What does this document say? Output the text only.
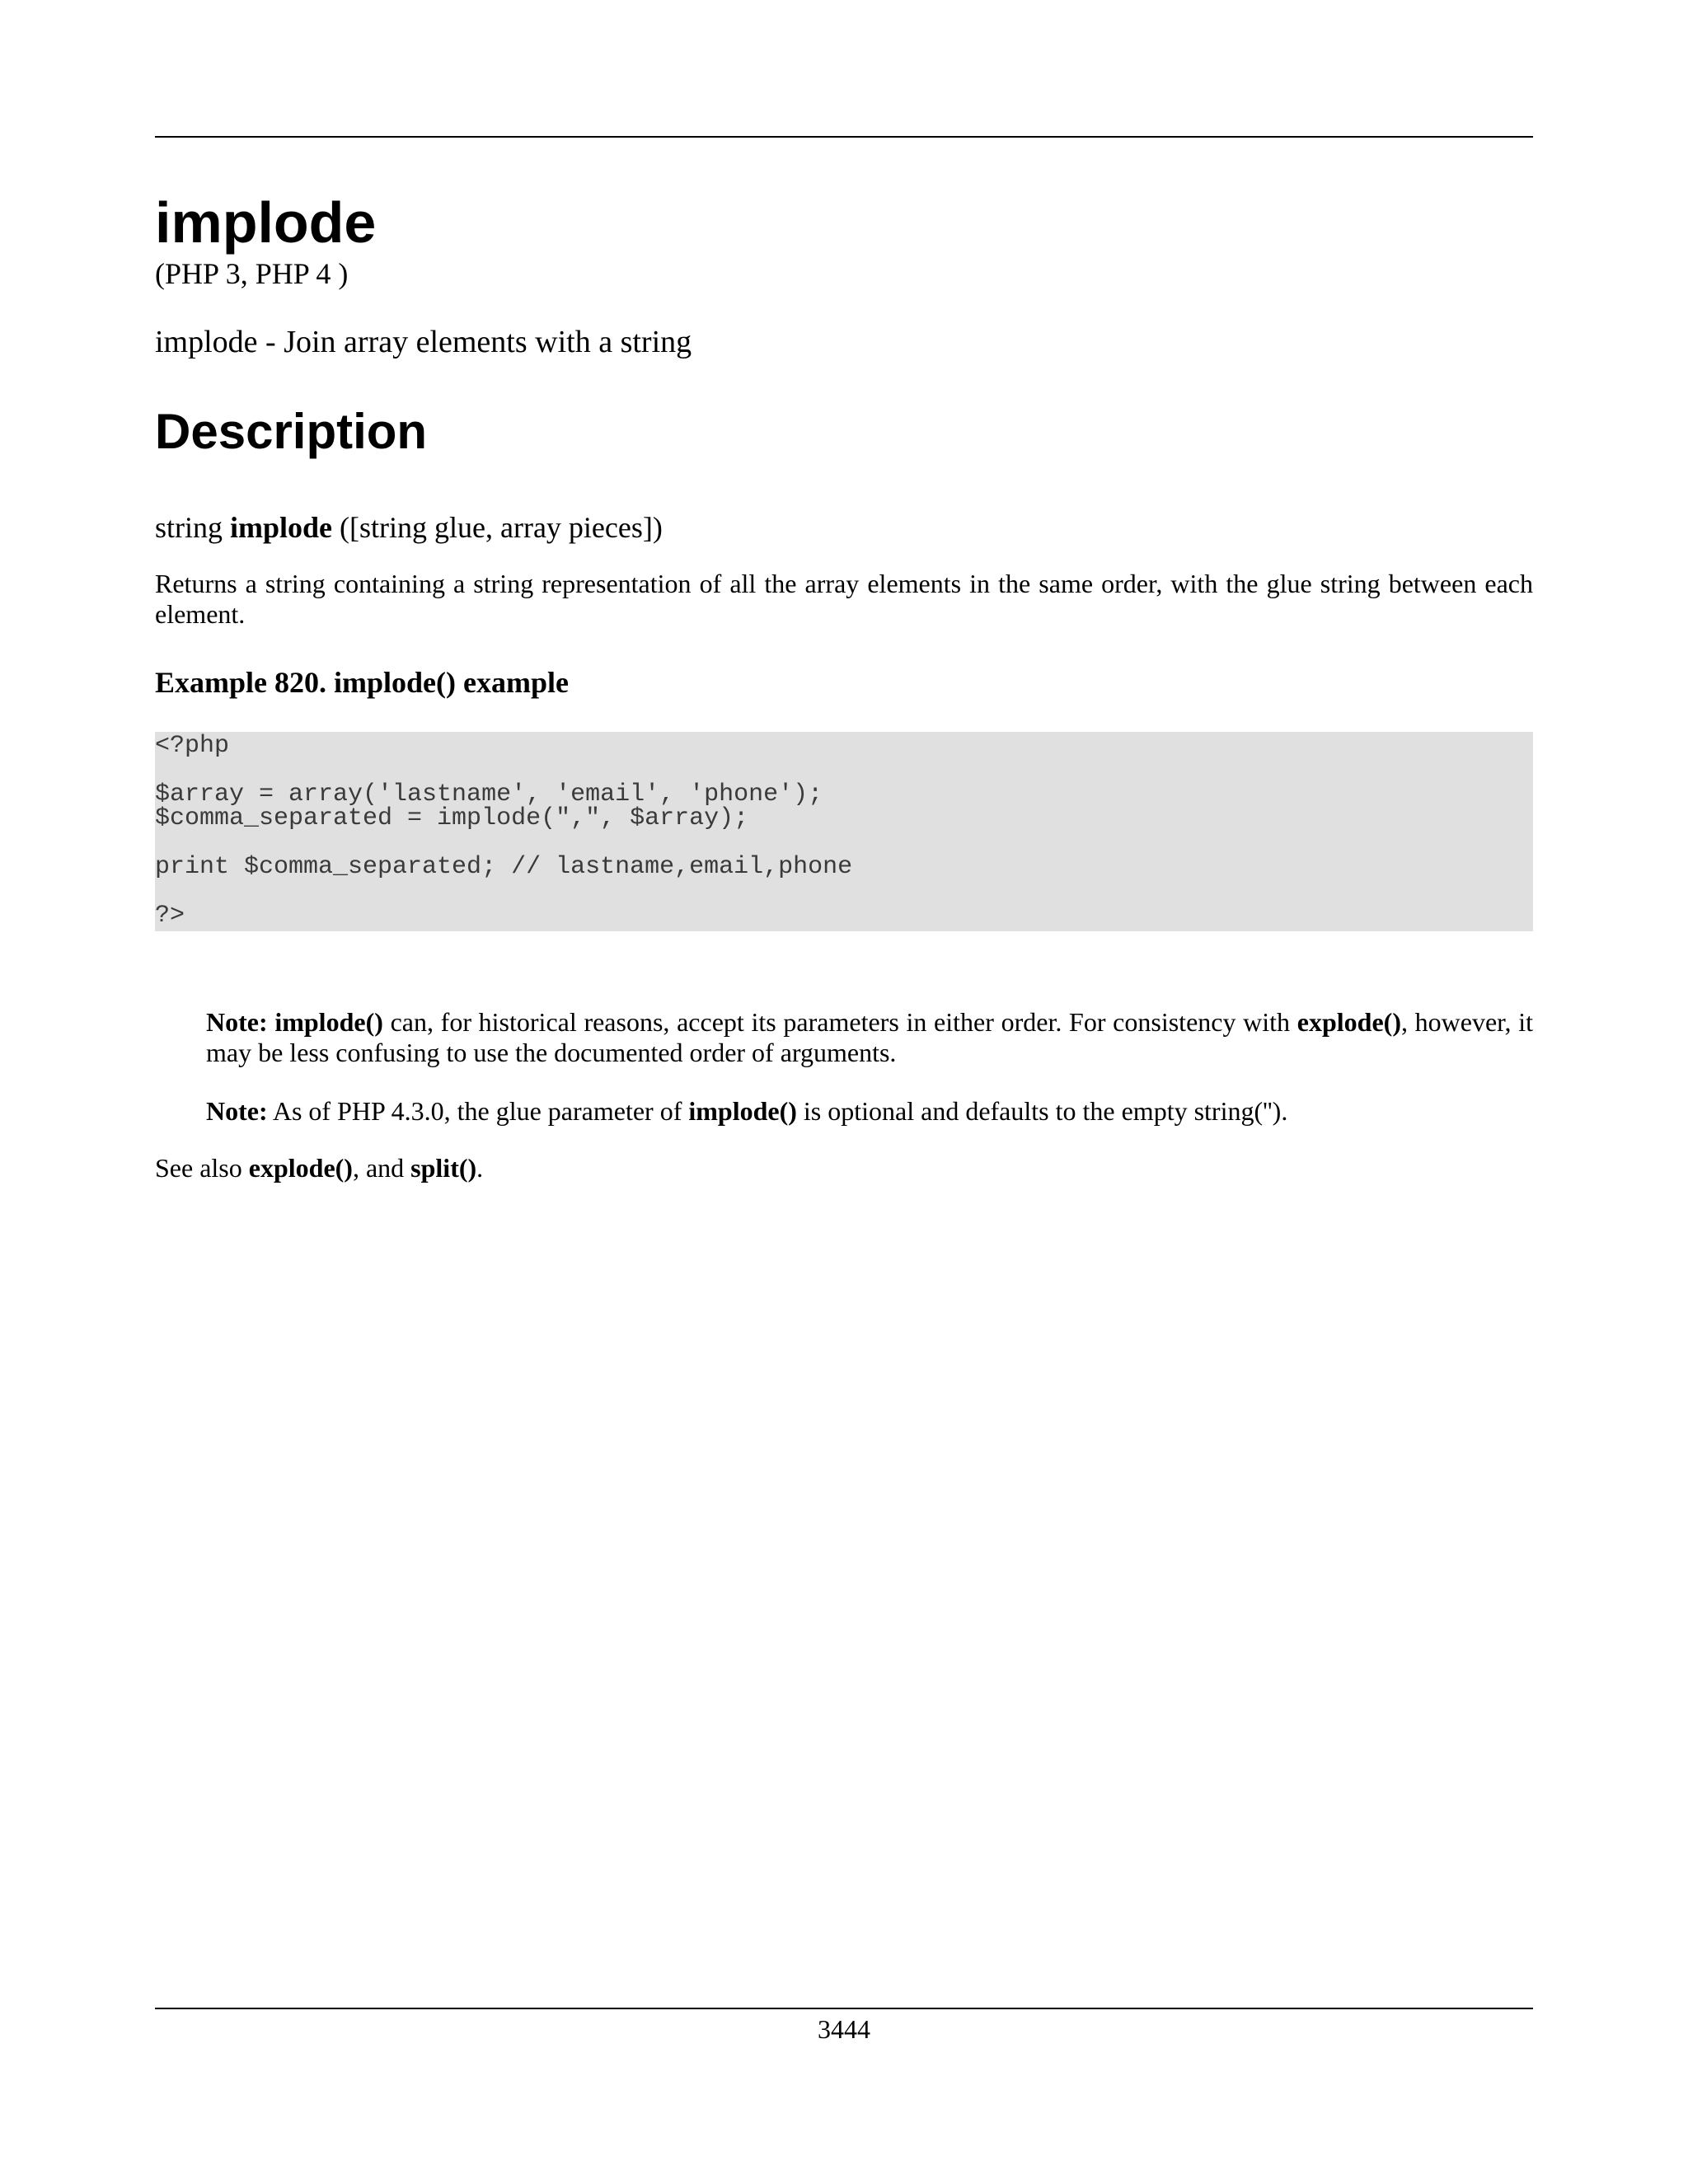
implode
(PHP 3, PHP 4 )
implode - Join array elements with a string
Description
string implode ([string glue, array pieces])
Returns a string containing a string representation of all the array elements in the same order, with the glue string between each element.
Example 820. implode() example
<?php
$array = array('lastname', 'email', 'phone');
$comma_separated = implode(",", $array);
print $comma_separated; // lastname,email,phone
?>
Note: implode() can, for historical reasons, accept its parameters in either order. For consistency with explode(), however, it may be less confusing to use the documented order of arguments.
Note: As of PHP 4.3.0, the glue parameter of implode() is optional and defaults to the empty string('').
See also explode(), and split().
3444
